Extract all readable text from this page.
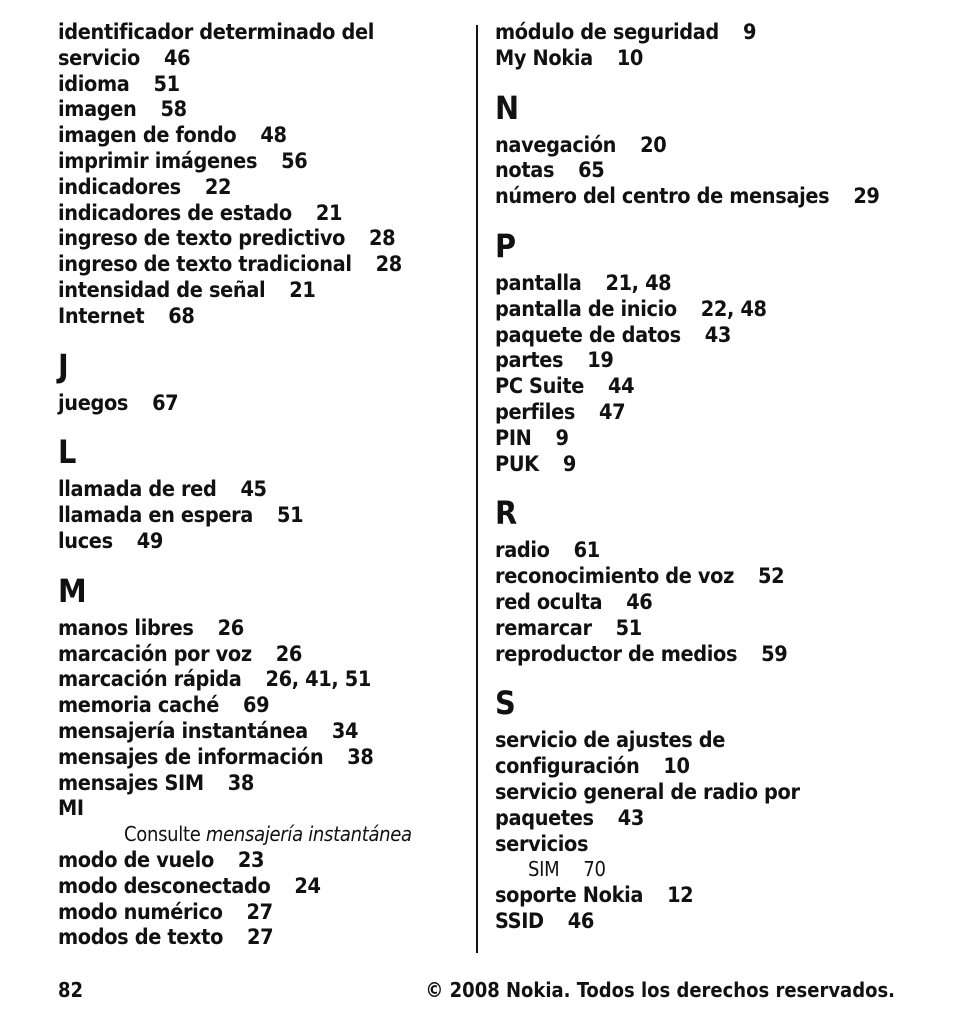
identificador determinado del servicio 46
idioma 51
imagen 58
imagen de fondo 48
imprimir imágenes 56
indicadores 22
indicadores de estado 21
ingreso de texto predictivo 28
ingreso de texto tradicional 28
intensidad de señal 21
Internet 68
J
juegos 67
L
llamada de red 45
llamada en espera 51
luces 49
M
manos libres 26
marcación por voz 26
marcación rápida 26, 41, 51
memoria caché 69
mensajería instantánea 34
mensajes de información 38
mensajes SIM 38
MI
Consulte mensajería instantánea
modo de vuelo 23
modo desconectado 24
modo numérico 27
modos de texto 27
módulo de seguridad 9
My Nokia 10
N
navegación 20
notas 65
número del centro de mensajes 29
P
pantalla 21, 48
pantalla de inicio 22, 48
paquete de datos 43
partes 19
PC Suite 44
perfiles 47
PIN 9
PUK 9
R
radio 61
reconocimiento de voz 52
red oculta 46
remarcar 51
reproductor de medios 59
S
servicio de ajustes de configuración 10
servicio general de radio por paquetes 43
servicios
SIM 70
soporte Nokia 12
SSID 46
82	© 2008 Nokia. Todos los derechos reservados.
